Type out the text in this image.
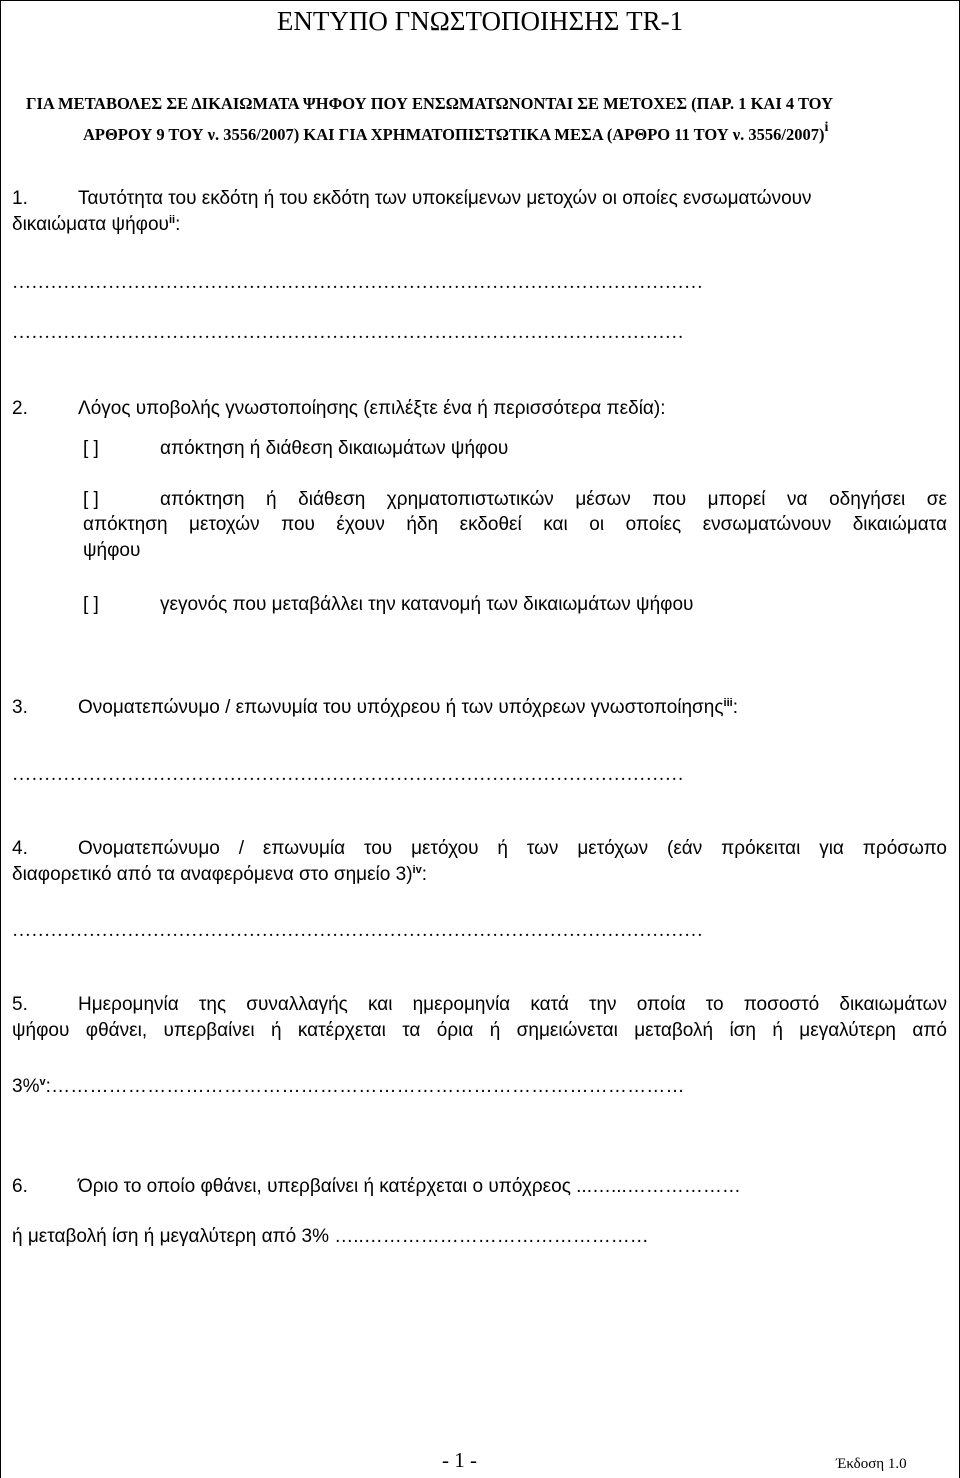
ΕΝΤΥΠΟ ΓΝΩΣΤΟΠΟΙΗΣΗΣ TR-1
ΓΙΑ ΜΕΤΑΒΟΛΕΣ ΣΕ ΔΙΚΑΙΩΜΑΤΑ ΨΗΦΟΥ ΠΟΥ ΕΝΣΩΜΑΤΩΝΟΝΤΑΙ ΣΕ ΜΕΤΟΧΕΣ (ΠΑΡ. 1 ΚΑΙ 4 ΤΟΥ
ΑΡΘΡΟΥ 9 ΤΟΥ ν. 3556/2007) ΚΑΙ ΓΙΑ ΧΡΗΜΑΤΟΠΙΣΤΩΤΙΚΑ ΜΕΣΑ (ΑΡΘΡΟ 11 ΤΟΥ ν. 3556/2007)$^i$
1.	Ταυτότητα του εκδότη ή του εκδότη των υποκείμενων μετοχών οι οποίες ενσωματώνουν
δικαιώματα ψήφου$^{ii}$:
………………………………………………………………………………………………
……………………………………………………………………………………………
2.	Λόγος υποβολής γνωστοποίησης (επιλέξτε ένα ή περισσότερα πεδία):
[ ]	απόκτηση ή διάθεση δικαιωμάτων ψήφου
[ ]	απόκτηση ή διάθεση χρηματοπιστωτικών μέσων που μπορεί να οδηγήσει σε
απόκτηση μετοχών που έχουν ήδη εκδοθεί και οι οποίες ενσωματώνουν δικαιώματα
ψήφου
[ ]	γεγονός που μεταβάλλει την κατανομή των δικαιωμάτων ψήφου
3.	Ονοματεπώνυμο / επωνυμία του υπόχρεου ή των υπόχρεων γνωστοποίησης$^{iii}$:
……………………………………………………………………………………………
4.	Ονοματεπώνυμο / επωνυμία του μετόχου ή των μετόχων (εάν πρόκειται για πρόσωπο
διαφορετικό από τα αναφερόμενα στο σημείο 3)$^{iv}$:
………………………………………………………………………………………………
5.	Ημερομηνία της συναλλαγής και ημερομηνία κατά την οποία το ποσοστό δικαιωμάτων
ψήφου φθάνει, υπερβαίνει ή κατέρχεται τα όρια ή σημειώνεται μεταβολή ίση ή μεγαλύτερη από
3%$^v$:………………………………………………………………………………………
6.	Όριο το οποίο φθάνει, υπερβαίνει ή κατέρχεται ο υπόχρεος ...…...………………
ή μεταβολή ίση ή μεγαλύτερη από 3% …..………………………………………
- 1 -	Έκδοση 1.0
